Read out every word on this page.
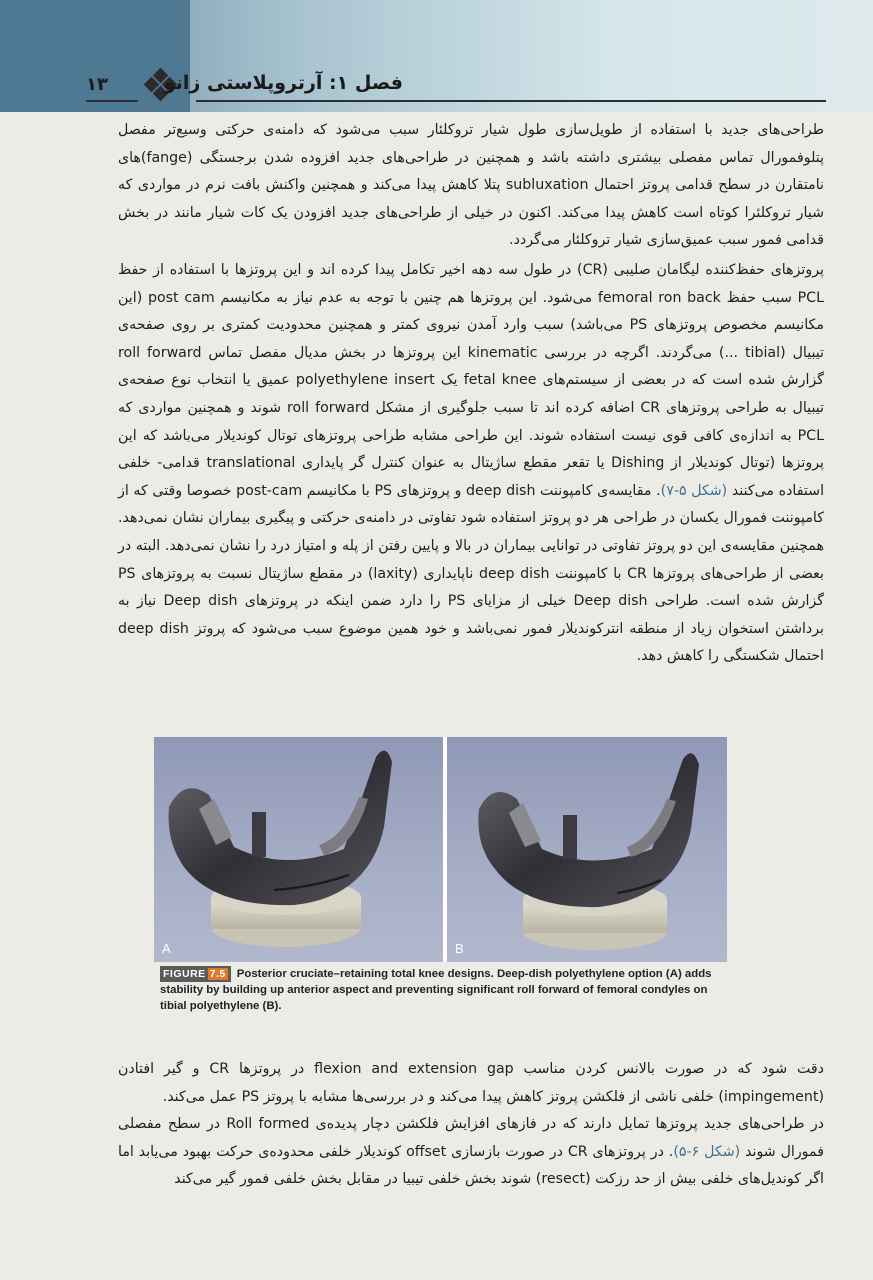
۱۳	فصل ۱: آرتروپلاستی زانو

طراحی‌های جدید با استفاده از طویل‌سازی طول شیار تروکلئار سبب می‌شود که دامنه‌ی حرکتی وسیع‌تر مفصل پتلوفمورال تماس مفصلی بیشتری داشته باشد و همچنین در طراحی‌های جدید افزوده شدن برجستگی (fange)های نامتقارن در سطح قدامی پروتز احتمال subluxation پتلا کاهش پیدا می‌کند و همچنین واکنش بافت نرم در مواردی که شیار تروکلئرا کوتاه است کاهش پیدا می‌کند. اکنون در خیلی از طراحی‌های جدید افزودن یک کات شیار مانند در بخش قدامی فمور سبب عمیق‌سازی شیار تروکلئار می‌گردد.

پروتزهای حفظ‌کننده لیگامان صلیبی (CR) در طول سه دهه اخیر تکامل پیدا کرده اند و این پروتزها با استفاده از حفظ PCL سبب حفظ femoral ron back می‌شود. این پروتزها هم چنین با توجه به عدم نیاز به مکانیسم post cam (این مکانیسم مخصوص پروتزهای PS می‌باشد) سبب وارد آمدن نیروی کمتر و همچنین محدودیت کمتری بر روی صفحه‌ی تیبیال (tibial ...) می‌گردند. اگرچه در بررسی kinematic این پروتزها در بخش مدیال مفصل تماس roll forward گزارش شده است که در بعضی از سیستم‌های fetal knee یک polyethylene insert عمیق یا انتخاب نوع صفحه‌ی تیبیال به طراحی پروتزهای CR اضافه کرده اند تا سبب جلوگیری از مشکل roll forward شوند و همچنین مواردی که PCL به اندازه‌ی کافی قوی نیست استفاده شوند. این طراحی مشابه طراحی پروتزهای توتال کوندیلار می‌باشد که این پروتزها (توتال کوندیلار از Dishing یا تقعر مقطع ساژیتال به عنوان کنترل گر پایداری translational قدامی- خلفی استفاده می‌کنند (شکل ۵-۷). مقایسه‌ی کامپوننت deep dish و پروتزهای PS با مکانیسم post-cam خصوصا وقتی که از کامپوننت فمورال یکسان در طراحی هر دو پروتز استفاده شود تفاوتی در دامنه‌ی حرکتی و پیگیری بیماران نشان نمی‌دهد. همچنین مقایسه‌ی این دو پروتز تفاوتی در توانایی بیماران در بالا و پایین رفتن از پله و امتیاز درد را نشان نمی‌دهد. البته در بعضی از طراحی‌های پروتزها CR با کامپوننت deep dish ناپایداری (laxity) در مقطع ساژیتال نسبت به پروتزهای PS گزارش شده است. طراحی Deep dish خیلی از مزایای PS را دارد ضمن اینکه در پروتزهای Deep dish نیاز به برداشتن استخوان زیاد از منطقه انترکوندیلار فمور نمی‌باشد و خود همین موضوع سبب می‌شود که پروتز deep dish احتمال شکستگی را کاهش دهد.

A	B
FIGURE 7.5 Posterior cruciate–retaining total knee designs. Deep-dish polyethylene option (A) adds stability by building up anterior aspect and preventing significant roll forward of femoral condyles on tibial polyethylene (B).

دقت شود که در صورت بالانس کردن مناسب flexion and extension gap در پروتزها CR و گیر افتادن (impingement) خلفی ناشی از فلکشن پروتز کاهش پیدا می‌کند و در بررسی‌ها مشابه با پروتز PS عمل می‌کند.

در طراحی‌های جدید پروتزها تمایل دارند که در فازهای افزایش فلکشن دچار پدیده‌ی Roll formed در سطح مفصلی فمورال شوند (شکل ۶-۵). در پروتزهای CR در صورت بازسازی offset کوندیلار خلفی محدوده‌ی حرکت بهبود می‌یابد اما اگر کوندیل‌های خلفی بیش از حد رزکت (resect) شوند بخش خلفی تیبیا در مقابل بخش خلفی فمور گیر می‌کند
